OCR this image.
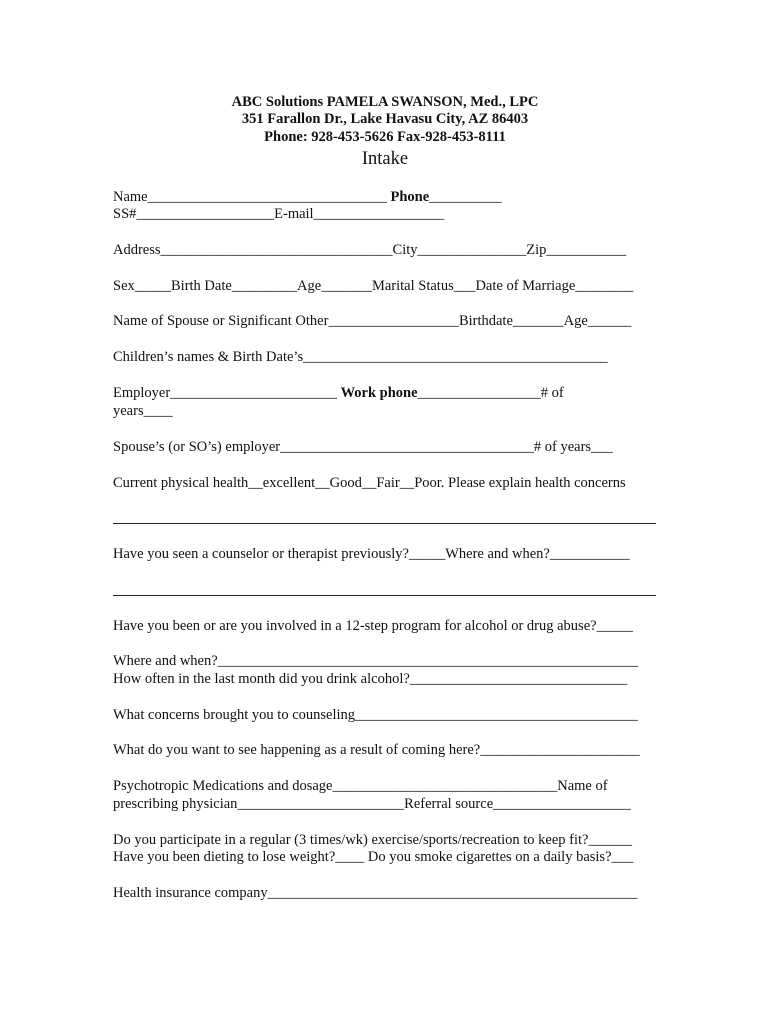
ABC Solutions PAMELA SWANSON, Med., LPC
351 Farallon Dr., Lake Havasu City, AZ 86403
Phone: 928-453-5626 Fax-928-453-8111
Intake
Name_________________________________ Phone__________
SS#___________________E-mail__________________
Address________________________________City_______________Zip___________
Sex_____Birth Date_________Age_______Marital Status___Date of Marriage________
Name of Spouse or Significant Other__________________Birthdate_______Age______
Children’s names & Birth Date’s__________________________________________
Employer_______________________ Work phone_________________# of
years____
Spouse’s (or SO’s) employer___________________________________# of years___
Current physical health__excellent__Good__Fair__Poor. Please explain health concerns
Have you seen a counselor or therapist previously?_____Where and when?___________
Have you been or are you involved in a 12-step program for alcohol or drug abuse?_____
Where and when?__________________________________________________________
How often in the last month did you drink alcohol?______________________________
What concerns brought you to counseling_______________________________________
What do you want to see happening as a result of coming here?______________________
Psychotropic Medications and dosage_______________________________Name of
prescribing physician_______________________Referral source___________________
Do you participate in a regular (3 times/wk) exercise/sports/recreation to keep fit?______
Have you been dieting to lose weight?____ Do you smoke cigarettes on a daily basis?___
Health insurance company___________________________________________________
